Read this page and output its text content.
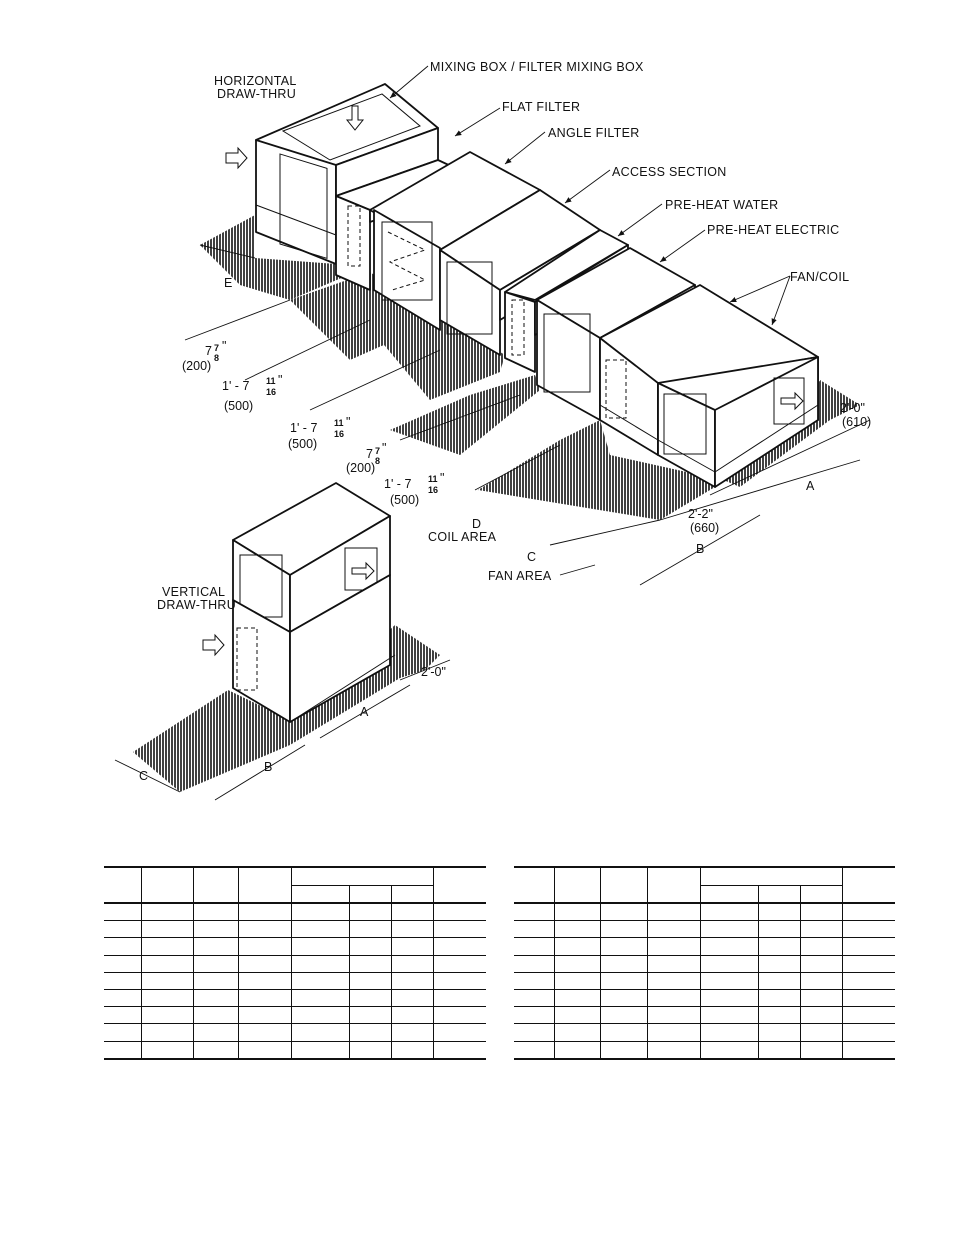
HORIZONTAL
DRAW-THRU
MIXING BOX / FILTER MIXING BOX
FLAT FILTER
ANGLE FILTER
ACCESS SECTION
PRE-HEAT WATER
PRE-HEAT ELECTRIC
FAN/COIL
VERTICAL
DRAW-THRU
COIL AREA
FAN AREA
E
7 7
8
"
(200)
1' - 7 11
16
"
(500)
1' - 7 11
16
"
(500)
7 7
8
"
(200)
1' - 7 11
16
"
(500)
D
C
B
A
2'-0"
(610)
2'-2"
(660)
2'-0"
A
B
C
